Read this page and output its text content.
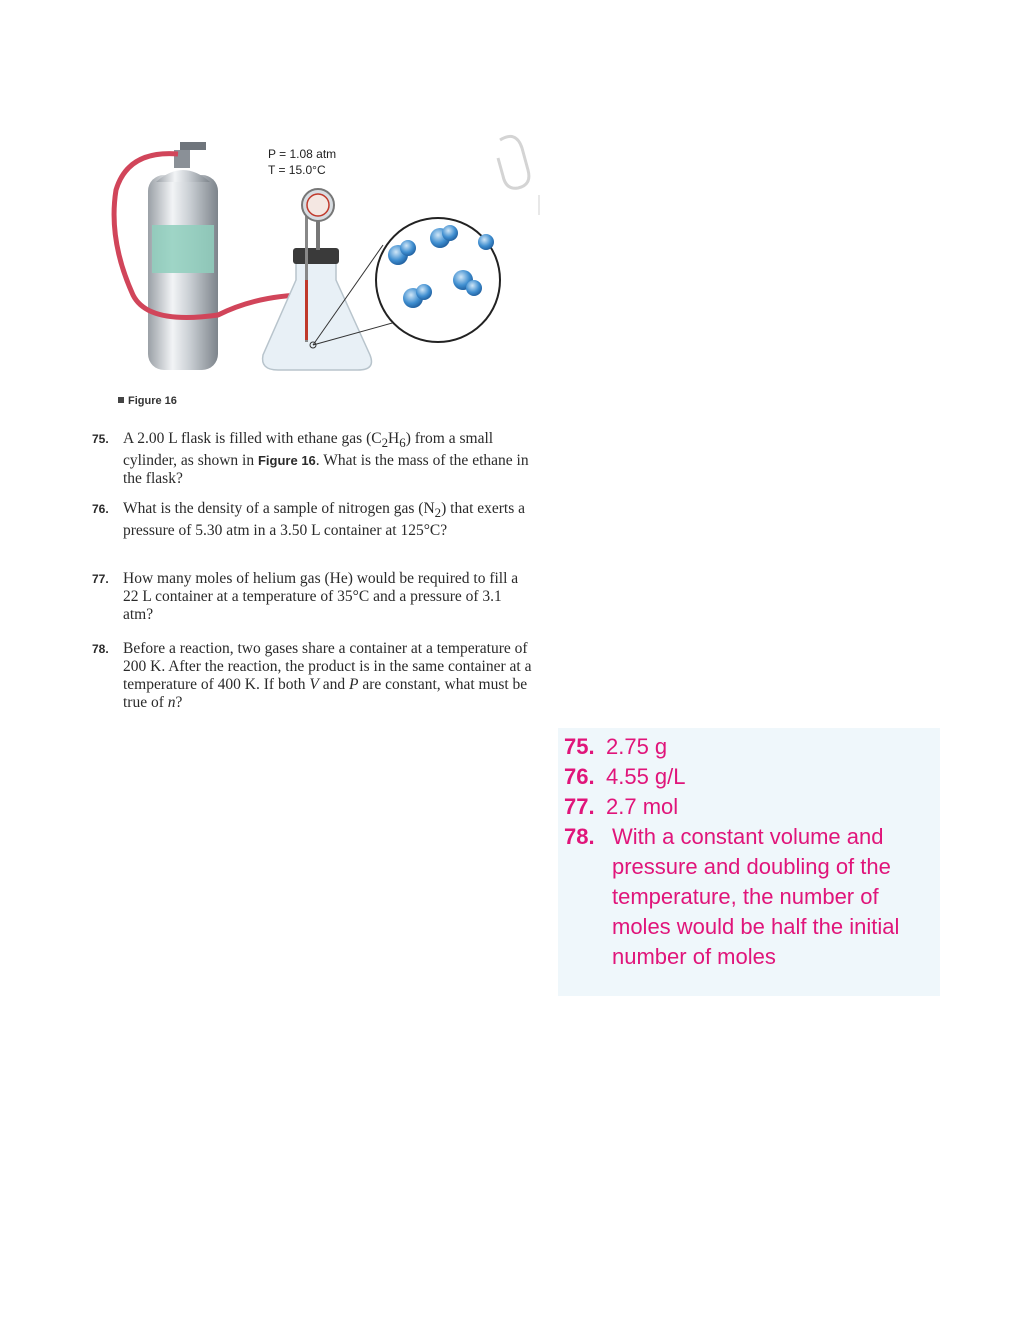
P = 1.08 atm
T = 15.0°C
Figure 16
75. A 2.00 L flask is filled with ethane gas $(C_2H_6)$ from a small cylinder, as shown in Figure 16. What is the mass of the ethane in the flask?
76. What is the density of a sample of nitrogen gas $(N_2)$ that exerts a pressure of 5.30 atm in a 3.50 L container at 125°C?
77. How many moles of helium gas (He) would be required to fill a 22 L container at a temperature of 35°C and a pressure of 3.1 atm?
78. Before a reaction, two gases share a container at a temperature of 200 K. After the reaction, the product is in the same container at a temperature of 400 K. If both V and P are constant, what must be true of n?
75. 2.75 g
76. 4.55 g/L
77. 2.7 mol
78. With a constant volume and pressure and doubling of the temperature, the number of moles would be half the initial number of moles
